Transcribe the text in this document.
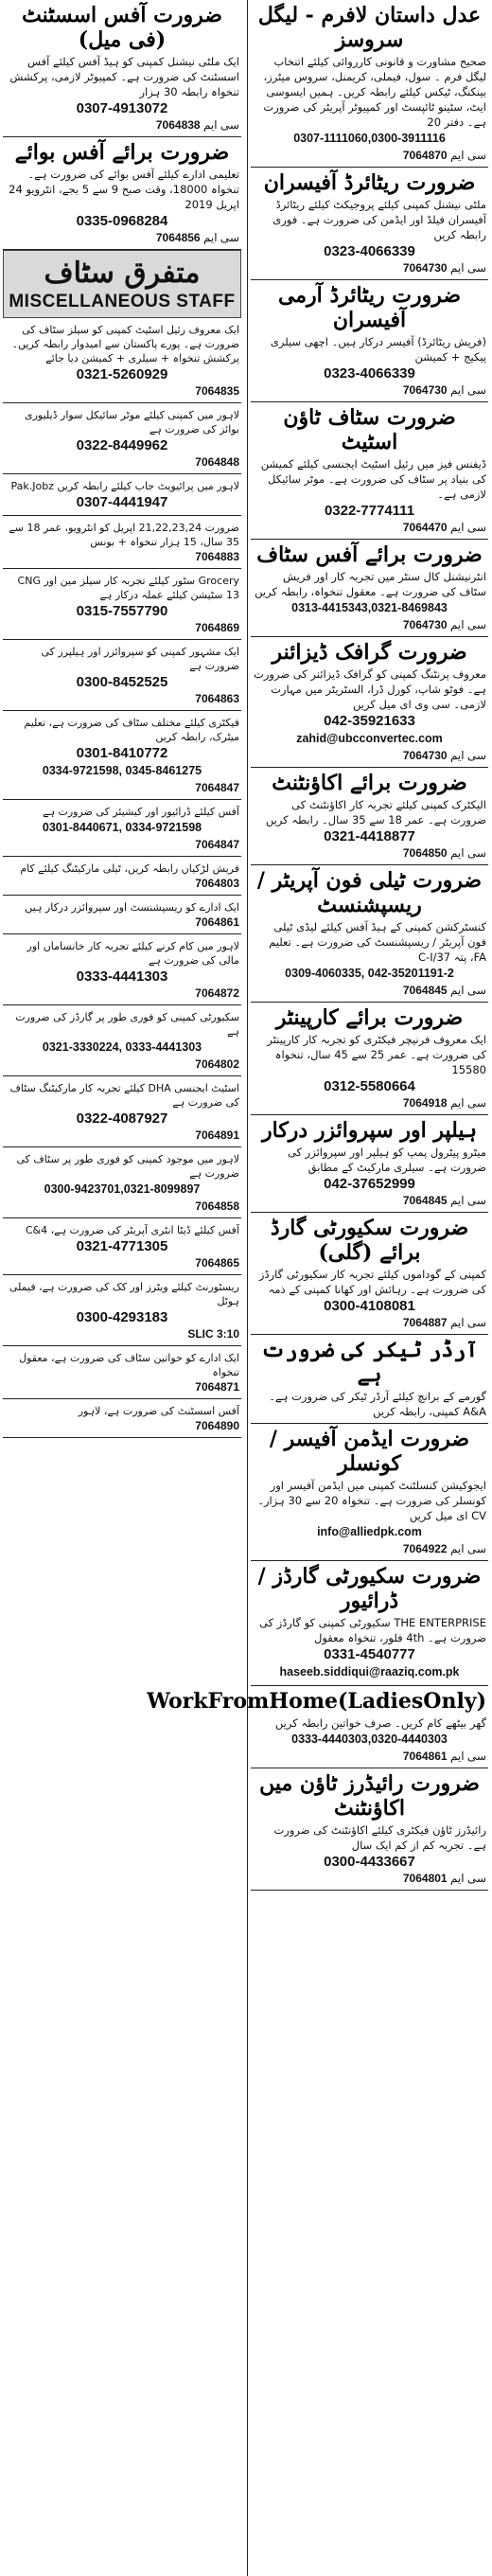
عدل داستان لافرم - لیگل سروسز
صحیح مشاورت و قانونی کارروائی کیلئے اتنخاب لیگل فرم ۔ سول، فیملی، کریمنل، سروس میٹرز، بینکنگ، ٹیکس کیلئے رابطہ کریں۔ ہمیں ایسوسی ایٹ، سٹینو ٹائپسٹ اور کمپیوٹر آپریٹر کی ضرورت ہے۔ دفتر 20
0307-1111060,0300-3911116
سی ایم 7064870
ضرورت ریٹائرڈ آفیسران
ملٹی نیشنل کمپنی کیلئے پروجیکٹ کیلئے ریٹائرڈ آفیسران فیلڈ اور ایڈمن کی ضرورت ہے۔ فوری رابطہ کریں
0323-4066339
سی ایم 7064730
ضرورت ریٹائرڈ آرمی آفیسران
(فریش ریٹائرڈ) آفیسر درکار ہیں۔ اچھی سیلری پیکیج + کمیشن
0323-4066339
سی ایم 7064730
ضرورت سٹاف ٹاؤن اسٹیٹ
ڈیفنس فیز میں رئیل اسٹیٹ ایجنسی کیلئے کمیشن کی بنیاد پر سٹاف کی ضرورت ہے۔ موٹر سائیکل لازمی ہے۔
0322-7774111
سی ایم 7064470
ضرورت برائے آفس سٹاف
انٹرنیشنل کال سنٹر میں تجربہ کار اور فریش سٹاف کی ضرورت ہے۔ معقول تنخواہ، رابطہ کریں
0313-4415343,0321-8469843
سی ایم 7064730
ضرورت گرافک ڈیزائنر
معروف پرنٹنگ کمپنی کو گرافک ڈیزائنر کی ضرورت ہے۔ فوٹو شاپ، کورل ڈرا، السٹریٹر میں مہارت لازمی۔ سی وی ای میل کریں
042-35921633
zahid@ubcconvertec.com
سی ایم 7064730
ضرورت برائے اکاؤنٹنٹ
الیکٹرک کمپنی کیلئے تجربہ کار اکاؤنٹنٹ کی ضرورت ہے۔ عمر 18 سے 35 سال۔ رابطہ کریں
0321-4418877
سی ایم 7064850
ضرورت ٹیلی فون آپریٹر / ریسپشنسٹ
کنسٹرکشن کمپنی کے ہیڈ آفس کیلئے لیڈی ٹیلی فون آپریٹر / ریسپشنسٹ کی ضرورت ہے۔ تعلیم FA، پتہ 37/C-I
0309-4060335, 042-35201191-2
سی ایم 7064845
ضرورت برائے کارپینٹر
ایک معروف فرنیچر فیکٹری کو تجربہ کار کارپینٹر کی ضرورت ہے۔ عمر 25 سے 45 سال، تنخواہ 15580
0312-5580664
سی ایم 7064918
ہیلپر اور سپروائزر درکار
میٹرو پیٹرول پمپ کو ہیلپر اور سپروائزر کی ضرورت ہے۔ سیلری مارکیٹ کے مطابق
042-37652999
سی ایم 7064845
ضرورت سکیورٹی گارڈ برائے (گلی)
کمپنی کے گوداموں کیلئے تجربہ کار سکیورٹی گارڈز کی ضرورت ہے۔ رہائش اور کھانا کمپنی کے ذمہ
0300-4108081
سی ایم 7064887
آرڈر ٹیکر کی ضرورت ہے
گورمے کے برانچ کیلئے آرڈر ٹیکر کی ضرورت ہے۔ A&A کمپنی، رابطہ کریں
ضرورت ایڈمن آفیسر / کونسلر
ایجوکیشن کنسلٹنٹ کمپنی میں ایڈمن آفیسر اور کونسلر کی ضرورت ہے۔ تنخواہ 20 سے 30 ہزار۔ CV ای میل کریں
info@alliedpk.com
سی ایم 7064922
ضرورت سکیورٹی گارڈز / ڈرائیور
THE ENTERPRISE سکیورٹی کمپنی کو گارڈز کی ضرورت ہے۔ 4th فلور، تنخواہ معقول
0331-4540777
haseeb.siddiqui@raaziq.com.pk
WorkFromHome(LadiesOnly)
گھر بیٹھے کام کریں۔ صرف خواتین رابطہ کریں
0333-4440303,0320-4440303
سی ایم 7064861
ضرورت رائیڈرز ٹاؤن میں اکاؤنٹنٹ
رائیڈرز ٹاؤن فیکٹری کیلئے اکاؤنٹنٹ کی ضرورت ہے۔ تجربہ کم از کم ایک سال
0300-4433667
سی ایم 7064801
ضرورت آفس اسسٹنٹ (فی میل)
ایک ملٹی نیشنل کمپنی کو ہیڈ آفس کیلئے آفس اسسٹنٹ کی ضرورت ہے۔ کمپیوٹر لازمی، پرکشش تنخواہ رابطہ 30 ہزار
0307-4913072
سی ایم 7064838
ضرورت برائے آفس بوائے
تعلیمی ادارے کیلئے آفس بوائے کی ضرورت ہے۔ تنخواہ 18000، وقت صبح 9 سے 5 بجے، انٹرویو 24 اپریل 2019
0335-0968284
سی ایم 7064856
متفرق سٹاف
MISCELLANEOUS STAFF
ایک معروف رئیل اسٹیٹ کمپنی کو سیلز سٹاف کی ضرورت ہے۔ پورے پاکستان سے امیدوار رابطہ کریں۔ پرکشش تنخواہ + سیلری + کمیشن دیا جائے
0321-5260929
7064835
لاہور میں کمپنی کیلئے موٹر سائیکل سوار ڈیلیوری بوائز کی ضرورت ہے
0322-8449962
7064848
لاہور میں پرائیویٹ جاب کیلئے رابطہ کریں Pak.Jobz
0307-4441947
ضرورت 21,22,23,24 اپریل کو انٹرویو، عمر 18 سے 35 سال، 15 ہزار تنخواہ + بونس
7064883
Grocery سٹور کیلئے تجربہ کار سیلز مین اور CNG 13 سٹیشن کیلئے عملہ درکار ہے
0315-7557790
7064869
ایک مشہور کمپنی کو سپروائزر اور ہیلپرز کی ضرورت ہے
0300-8452525
7064863
فیکٹری کیلئے مختلف سٹاف کی ضرورت ہے، تعلیم میٹرک، رابطہ کریں
0301-8410772
0334-9721598, 0345-8461275
7064847
آفس کیلئے ڈرائیور اور کیشیئر کی ضرورت ہے
0301-8440671, 0334-9721598
7064847
فریش لڑکیاں رابطہ کریں، ٹیلی مارکیٹنگ کیلئے کام
7064803
ایک ادارے کو ریسپشنسٹ اور سپروائزر درکار ہیں
7064861
لاہور میں کام کرنے کیلئے تجربہ کار خانساماں اور مالی کی ضرورت ہے
0333-4441303
7064872
سکیورٹی کمپنی کو فوری طور پر گارڈز کی ضرورت ہے
0321-3330224, 0333-4441303
7064802
اسٹیٹ ایجنسی DHA کیلئے تجربہ کار مارکیٹنگ سٹاف کی ضرورت ہے
0322-4087927
7064891
لاہور میں موجود کمپنی کو فوری طور پر سٹاف کی ضرورت ہے
0300-9423701,0321-8099897
7064858
آفس کیلئے ڈیٹا انٹری آپریٹر کی ضرورت ہے، 4&C
0321-4771305
7064865
ریسٹورنٹ کیلئے ویٹرز اور کک کی ضرورت ہے، فیملی ہوٹل
0300-4293183
SLIC 3:10
ایک ادارے کو خواتین سٹاف کی ضرورت ہے، معقول تنخواہ
7064871
آفس اسسٹنٹ کی ضرورت ہے، لاہور
7064890
